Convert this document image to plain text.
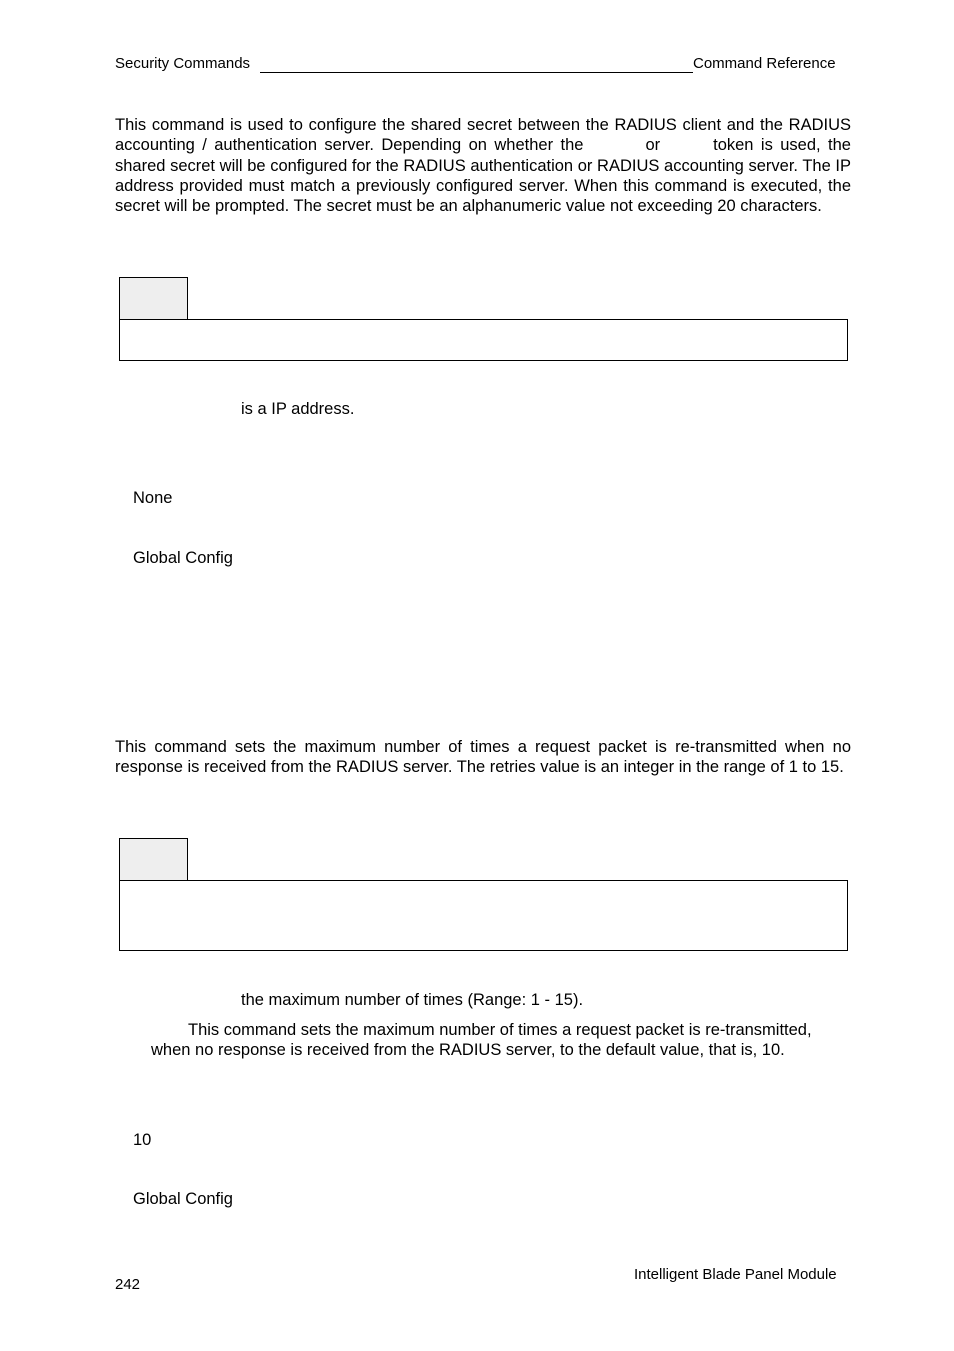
Security Commands	Command Reference

This command is used to configure the shared secret between the RADIUS client and the RADIUS accounting / authentication server. Depending on whether the	or	token is used, the shared secret will be configured for the RADIUS authentication or RADIUS accounting server. The IP address provided must match a previously configured server. When this command is executed, the secret will be prompted. The secret must be an alphanumeric value not exceeding 20 characters.

is a IP address.
None
Global Config

This command sets the maximum number of times a request packet is re-transmitted when no response is received from the RADIUS server. The retries value is an integer in the range of 1 to 15.

the maximum number of times (Range: 1 - 15).
This command sets the maximum number of times a request packet is re-transmitted,
when no response is received from the RADIUS server, to the default value, that is, 10.
10
Global Config
242
Intelligent Blade Panel Module
